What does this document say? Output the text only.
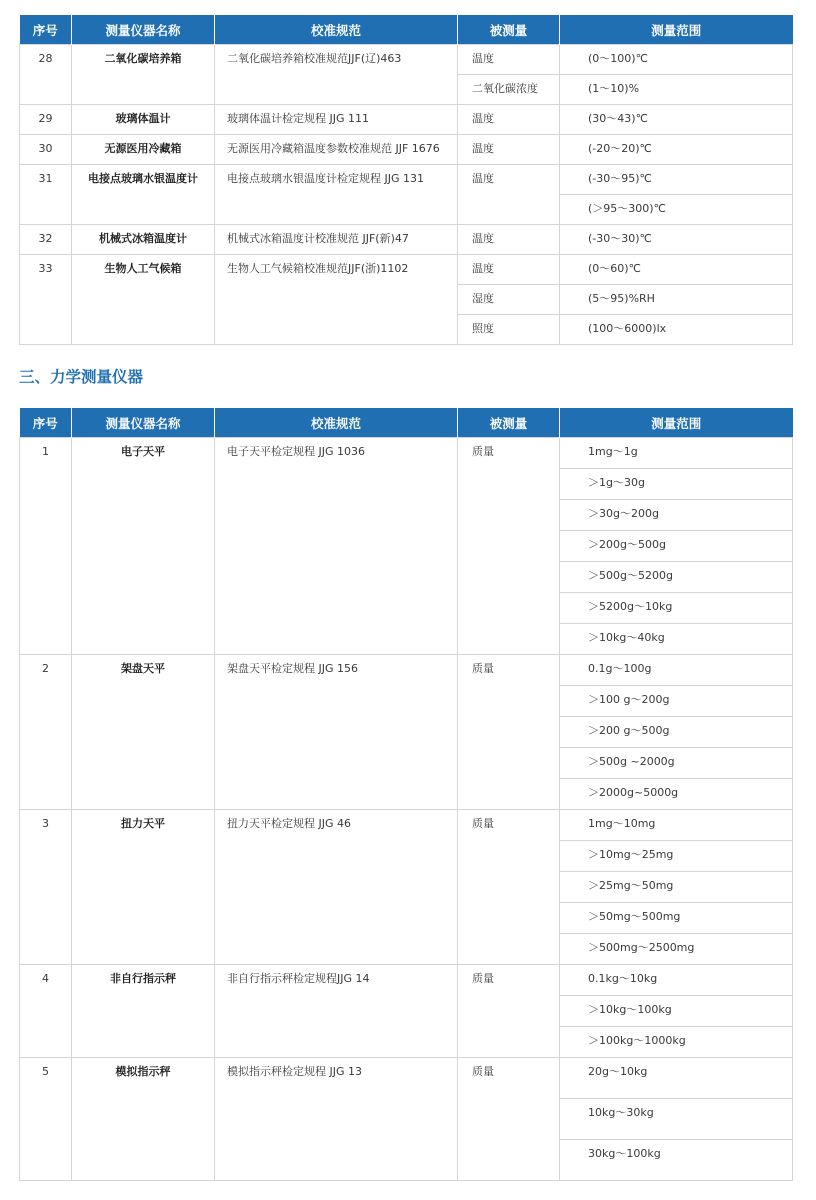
序号	测量仪器名称	校准规范	被测量	测量范围
28	二氧化碳培养箱	二氧化碳培养箱校准规范JJF(辽)463	温度	(0～100)℃
			二氧化碳浓度	(1～10)%
29	玻璃体温计	玻璃体温计检定规程 JJG 111	温度	(30～43)℃
30	无源医用冷藏箱	无源医用冷藏箱温度参数校准规范 JJF 1676	温度	(-20～20)℃
31	电接点玻璃水银温度计	电接点玻璃水银温度计检定规程 JJG 131	温度	(-30～95)℃
				(＞95～300)℃
32	机械式冰箱温度计	机械式冰箱温度计校准规范 JJF(新)47	温度	(-30～30)℃
33	生物人工气候箱	生物人工气候箱校准规范JJF(浙)1102	温度	(0～60)℃
			湿度	(5～95)%RH
			照度	(100～6000)lx
三、力学测量仪器
序号	测量仪器名称	校准规范	被测量	测量范围
1	电子天平	电子天平检定规程 JJG 1036	质量	1mg～1g
				＞1g～30g
				＞30g～200g
				＞200g～500g
				＞500g～5200g
				＞5200g～10kg
				＞10kg～40kg
2	架盘天平	架盘天平检定规程 JJG 156	质量	0.1g～100g
				＞100 g～200g
				＞200 g～500g
				＞500g ~2000g
				＞2000g~5000g
3	扭力天平	扭力天平检定规程 JJG 46	质量	1mg～10mg
				＞10mg～25mg
				＞25mg～50mg
				＞50mg～500mg
				＞500mg～2500mg
4	非自行指示秤	非自行指示秤检定规程JJG 14	质量	0.1kg～10kg
				＞10kg～100kg
				＞100kg～1000kg
5	模拟指示秤	模拟指示秤检定规程 JJG 13	质量	20g～10kg
				10kg～30kg
				30kg～100kg
